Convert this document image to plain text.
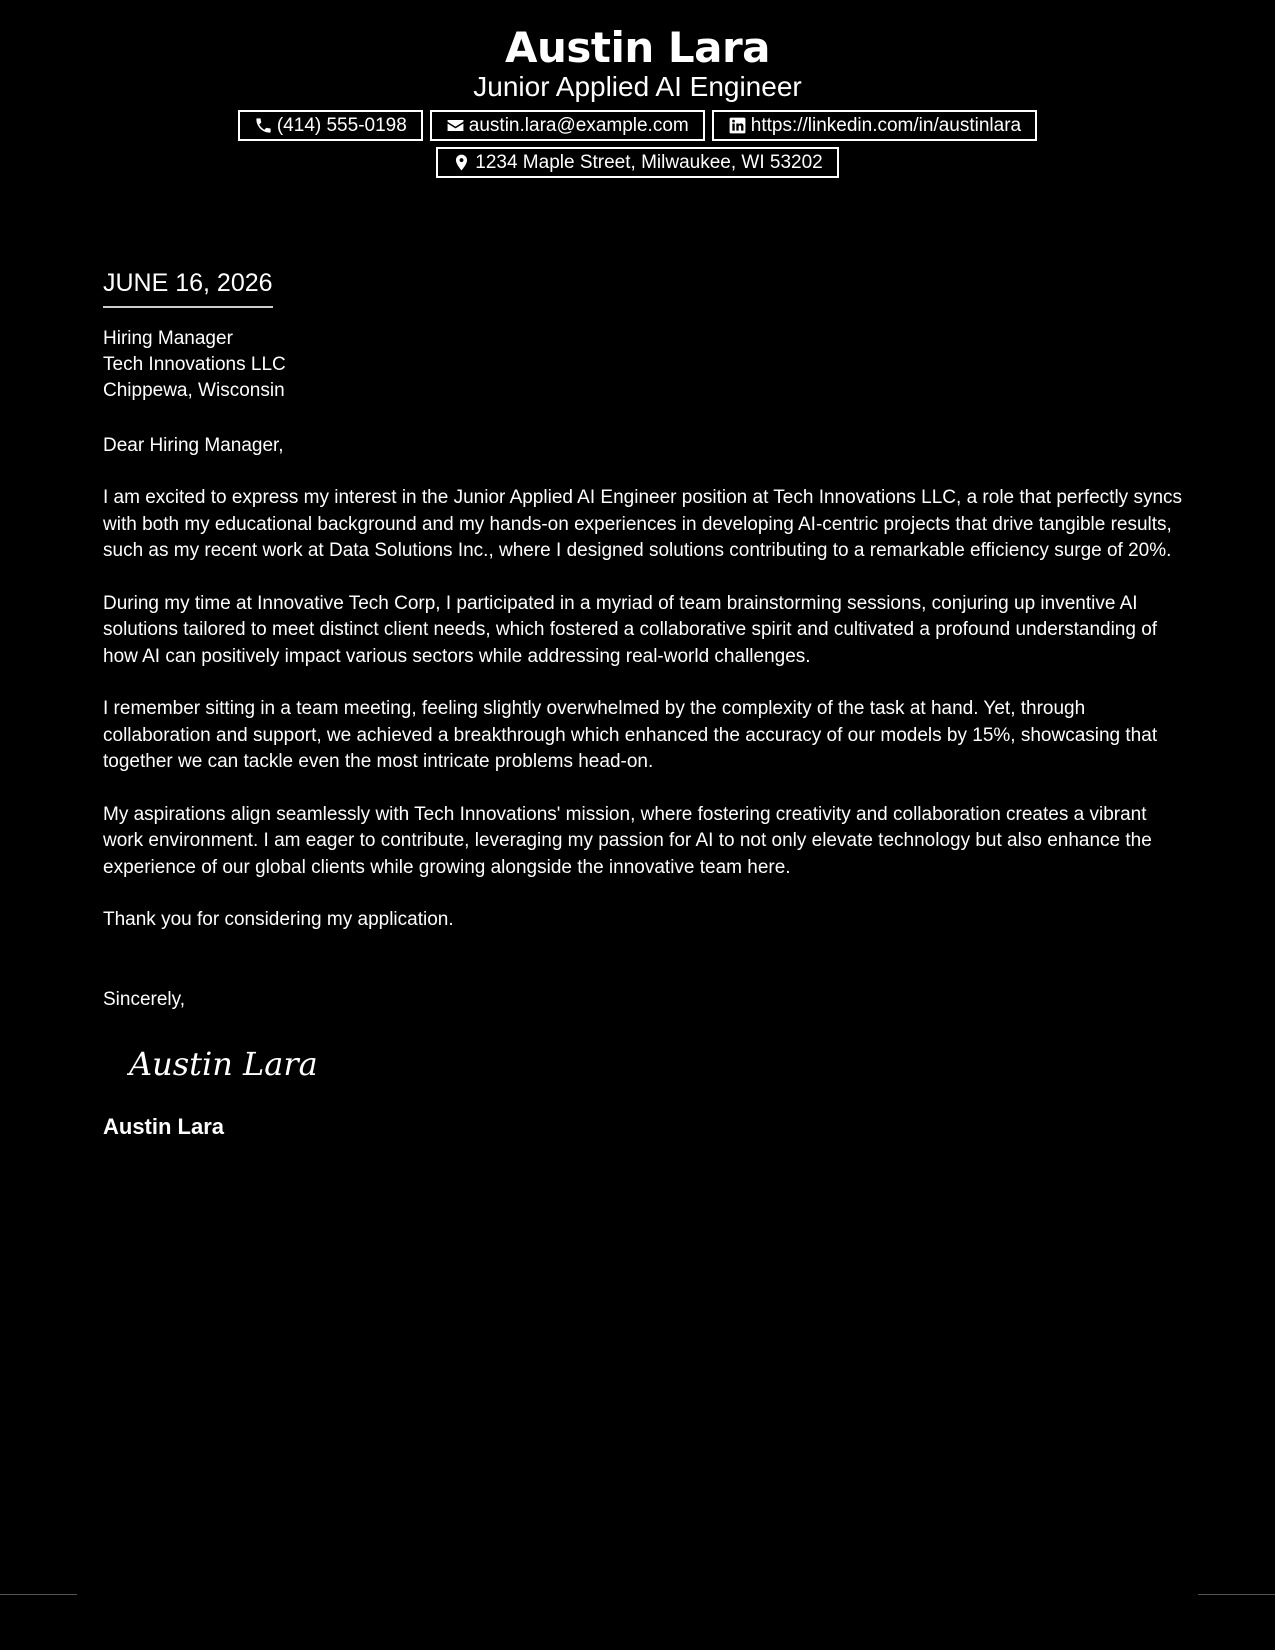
Austin Lara
Junior Applied AI Engineer
(414) 555-0198	austin.lara@example.com	https://linkedin.com/in/austinlara
1234 Maple Street, Milwaukee, WI 53202
JUNE 16, 2026
Hiring Manager
Tech Innovations LLC
Chippewa, Wisconsin
Dear Hiring Manager,

I am excited to express my interest in the Junior Applied AI Engineer position at Tech Innovations LLC, a role that perfectly syncs with both my educational background and my hands-on experiences in developing AI-centric projects that drive tangible results, such as my recent work at Data Solutions Inc., where I designed solutions contributing to a remarkable efficiency surge of 20%.

During my time at Innovative Tech Corp, I participated in a myriad of team brainstorming sessions, conjuring up inventive AI solutions tailored to meet distinct client needs, which fostered a collaborative spirit and cultivated a profound understanding of how AI can positively impact various sectors while addressing real-world challenges.

I remember sitting in a team meeting, feeling slightly overwhelmed by the complexity of the task at hand. Yet, through collaboration and support, we achieved a breakthrough which enhanced the accuracy of our models by 15%, showcasing that together we can tackle even the most intricate problems head-on.

My aspirations align seamlessly with Tech Innovations' mission, where fostering creativity and collaboration creates a vibrant work environment. I am eager to contribute, leveraging my passion for AI to not only elevate technology but also enhance the experience of our global clients while growing alongside the innovative team here.

Thank you for considering my application.

Sincerely,
Austin Lara
Austin Lara
